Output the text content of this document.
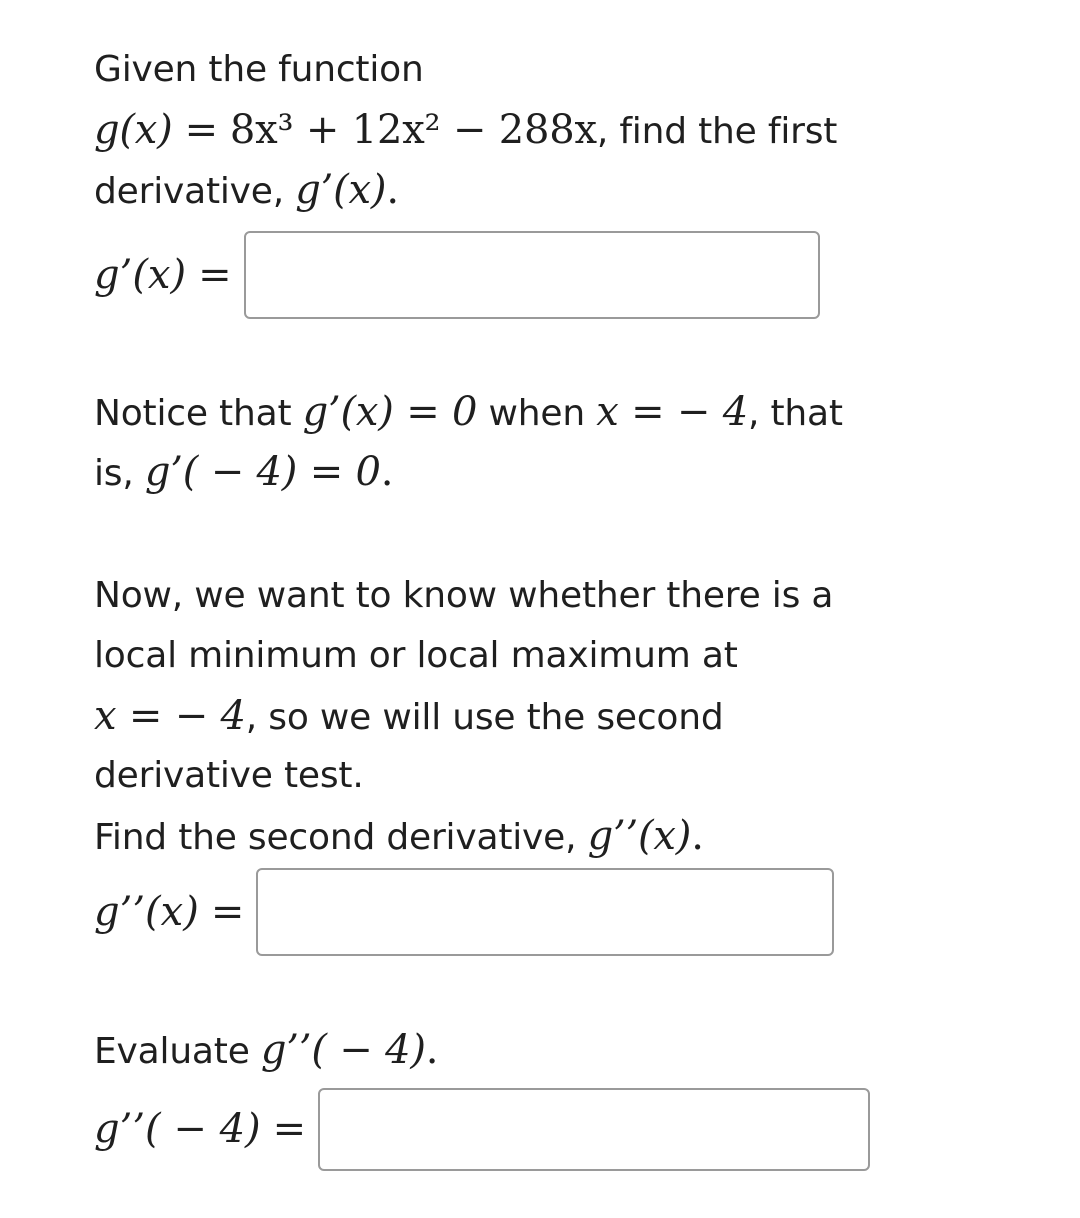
Given the function
g(x) = 8x³ + 12x² − 288x, find the first
derivative, g’(x).
g’(x) =
Notice that g’(x) = 0 when x = − 4, that
is, g’( − 4) = 0.
Now, we want to know whether there is a
local minimum or local maximum at
x = − 4, so we will use the second
derivative test.
Find the second derivative, g’’(x).
g’’(x) =
Evaluate g’’( − 4).
g’’( − 4) =
